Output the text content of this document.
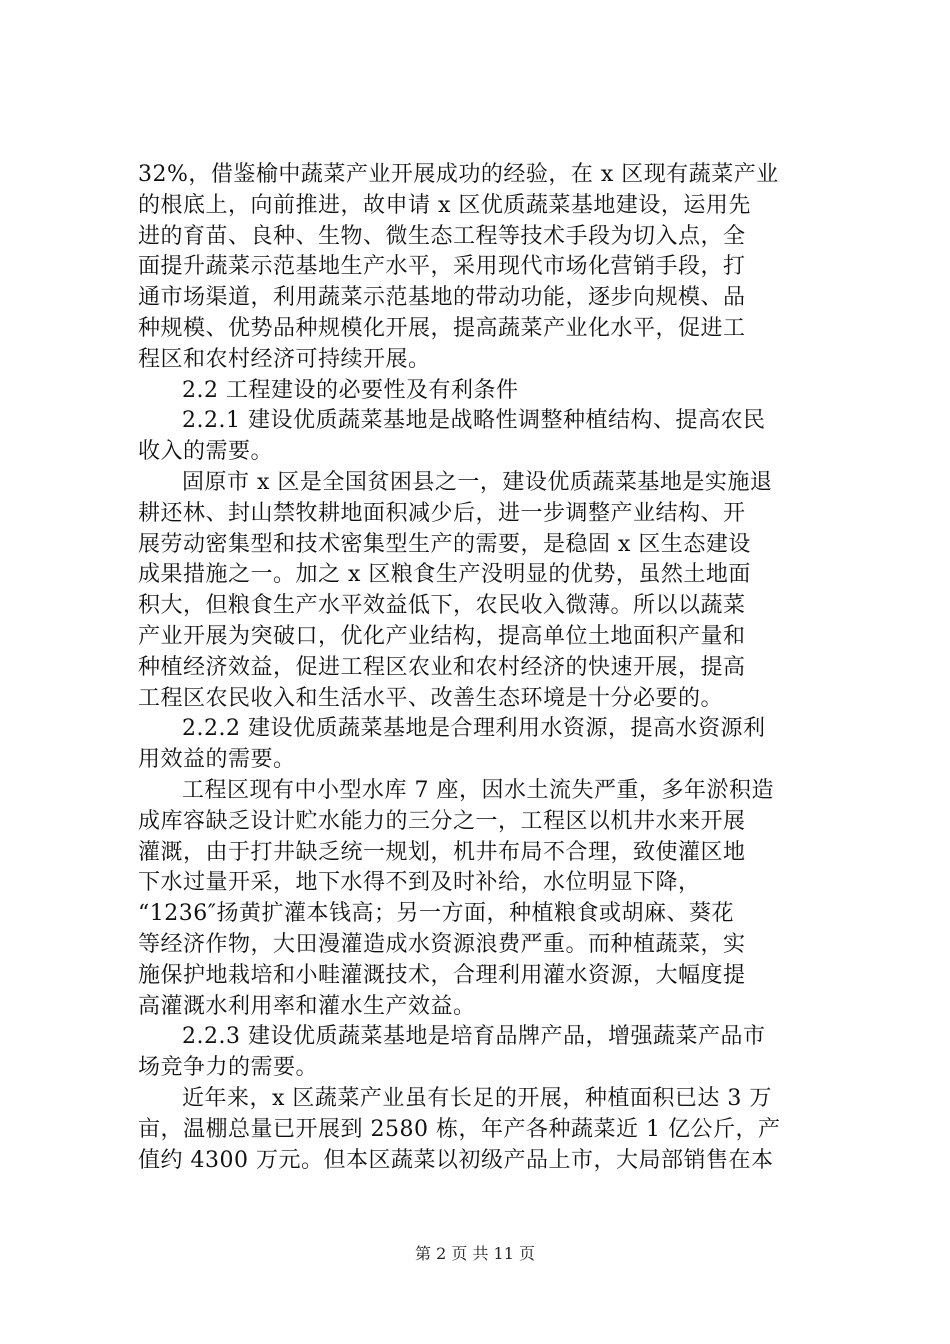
32%，借鉴榆中蔬菜产业开展成功的经验，在 x 区现有蔬菜产业
的根底上，向前推进，故申请 x 区优质蔬菜基地建设，运用先
进的育苗、良种、生物、微生态工程等技术手段为切入点，全
面提升蔬菜示范基地生产水平，采用现代市场化营销手段，打
通市场渠道，利用蔬菜示范基地的带动功能，逐步向规模、品
种规模、优势品种规模化开展，提高蔬菜产业化水平，促进工
程区和农村经济可持续开展。
2.2 工程建设的必要性及有利条件
2.2.1 建设优质蔬菜基地是战略性调整种植结构、提高农民
收入的需要。
固原市 x 区是全国贫困县之一，建设优质蔬菜基地是实施退
耕还林、封山禁牧耕地面积减少后，进一步调整产业结构、开
展劳动密集型和技术密集型生产的需要，是稳固 x 区生态建设
成果措施之一。加之 x 区粮食生产没明显的优势，虽然土地面
积大，但粮食生产水平效益低下，农民收入微薄。所以以蔬菜
产业开展为突破口，优化产业结构，提高单位土地面积产量和
种植经济效益，促进工程区农业和农村经济的快速开展，提高
工程区农民收入和生活水平、改善生态环境是十分必要的。
2.2.2 建设优质蔬菜基地是合理利用水资源，提高水资源利
用效益的需要。
工程区现有中小型水库 7 座，因水土流失严重，多年淤积造
成库容缺乏设计贮水能力的三分之一，工程区以机井水来开展
灌溉，由于打井缺乏统一规划，机井布局不合理，致使灌区地
下水过量开采，地下水得不到及时补给，水位明显下降，
“1236″扬黄扩灌本钱高；另一方面，种植粮食或胡麻、葵花
等经济作物，大田漫灌造成水资源浪费严重。而种植蔬菜，实
施保护地栽培和小畦灌溉技术，合理利用灌水资源，大幅度提
高灌溉水利用率和灌水生产效益。
2.2.3 建设优质蔬菜基地是培育品牌产品，增强蔬菜产品市
场竞争力的需要。
近年来，x 区蔬菜产业虽有长足的开展，种植面积已达 3 万
亩，温棚总量已开展到 2580 栋，年产各种蔬菜近 1 亿公斤，产
值约 4300 万元。但本区蔬菜以初级产品上市，大局部销售在本
第 2 页 共 11 页
